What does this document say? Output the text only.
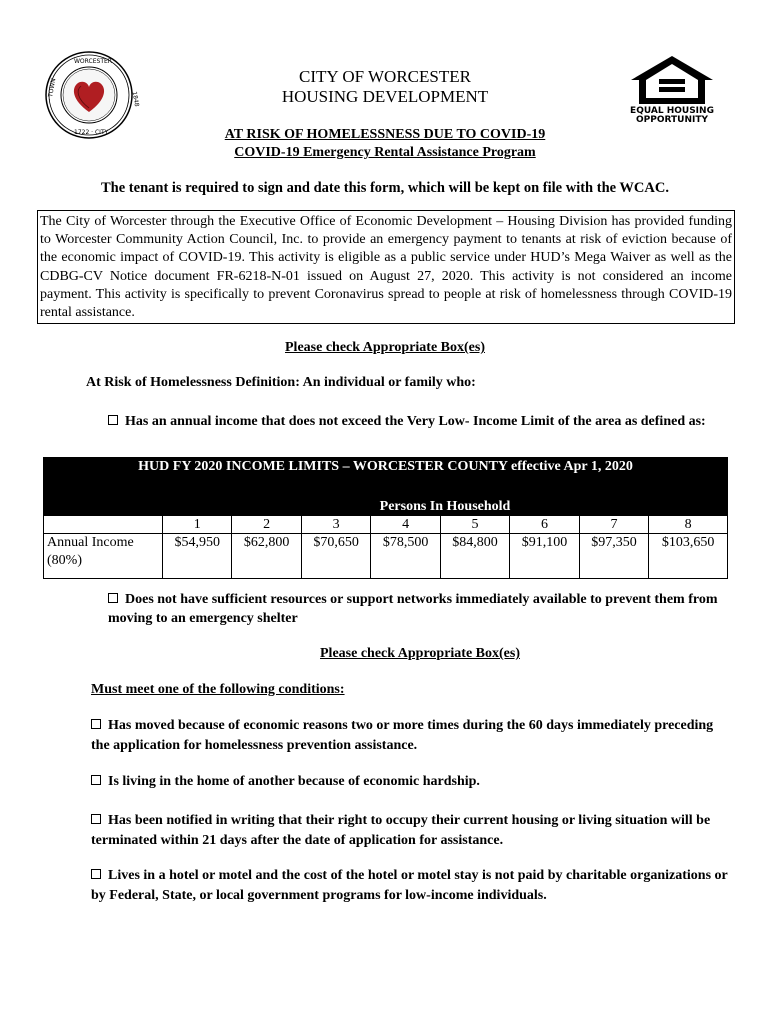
WORCESTER
1722 · CITY
· TOWN ·	1848
EQUAL HOUSING
OPPORTUNITY
CITY OF WORCESTER
HOUSING DEVELOPMENT
AT RISK OF HOMELESSNESS DUE TO COVID-19
COVID-19 Emergency Rental Assistance Program
The tenant is required to sign and date this form, which will be kept on file with the WCAC.
The City of Worcester through the Executive Office of Economic Development – Housing Division has provided funding to Worcester Community Action Council, Inc. to provide an emergency payment to tenants at risk of eviction because of the economic impact of COVID-19. This activity is eligible as a public service under HUD’s Mega Waiver as well as the CDBG-CV Notice document FR-6218-N-01 issued on August 27, 2020. This activity is not considered an income payment. This activity is specifically to prevent Coronavirus spread to people at risk of homelessness through COVID-19 rental assistance.
Please check Appropriate Box(es)
At Risk of Homelessness Definition: An individual or family who:
Has an annual income that does not exceed the Very Low- Income Limit of the area as defined as:
HUD FY 2020 INCOME LIMITS – WORCESTER COUNTY effective Apr 1, 2020								
	Persons In Household							
	1	2	3	4	5	6	7	8
Annual Income (80%)	$54,950	$62,800	$70,650	$78,500	$84,800	$91,100	$97,350	$103,650
Does not have sufficient resources or support networks immediately available to prevent them from moving to an emergency shelter
Please check Appropriate Box(es)
Must meet one of the following conditions:
Has moved because of economic reasons two or more times during the 60 days immediately preceding the application for homelessness prevention assistance.
Is living in the home of another because of economic hardship.
Has been notified in writing that their right to occupy their current housing or living situation will be terminated within 21 days after the date of application for assistance.
Lives in a hotel or motel and the cost of the hotel or motel stay is not paid by charitable organizations or by Federal, State, or local government programs for low-income individuals.
